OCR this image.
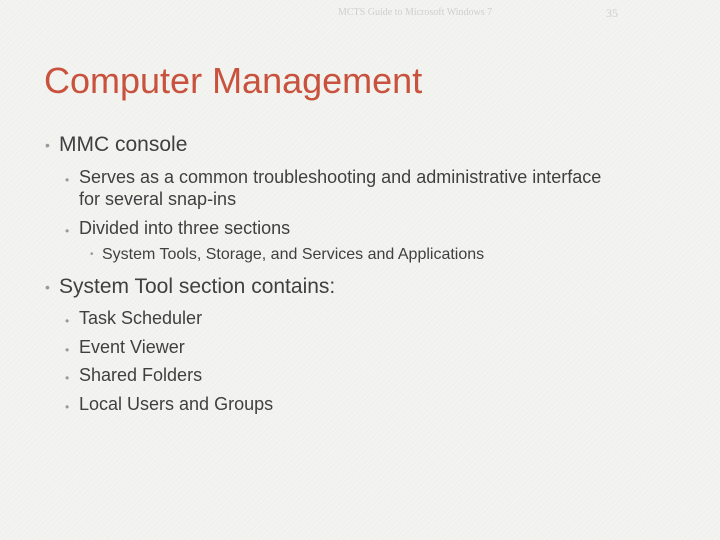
MCTS Guide to Microsoft Windows 7	35
Computer Management
• MMC console
• Serves as a common troubleshooting and administrative interface
for several snap-ins
• Divided into three sections
• System Tools, Storage, and Services and Applications
• System Tool section contains:
• Task Scheduler
• Event Viewer
• Shared Folders
• Local Users and Groups
